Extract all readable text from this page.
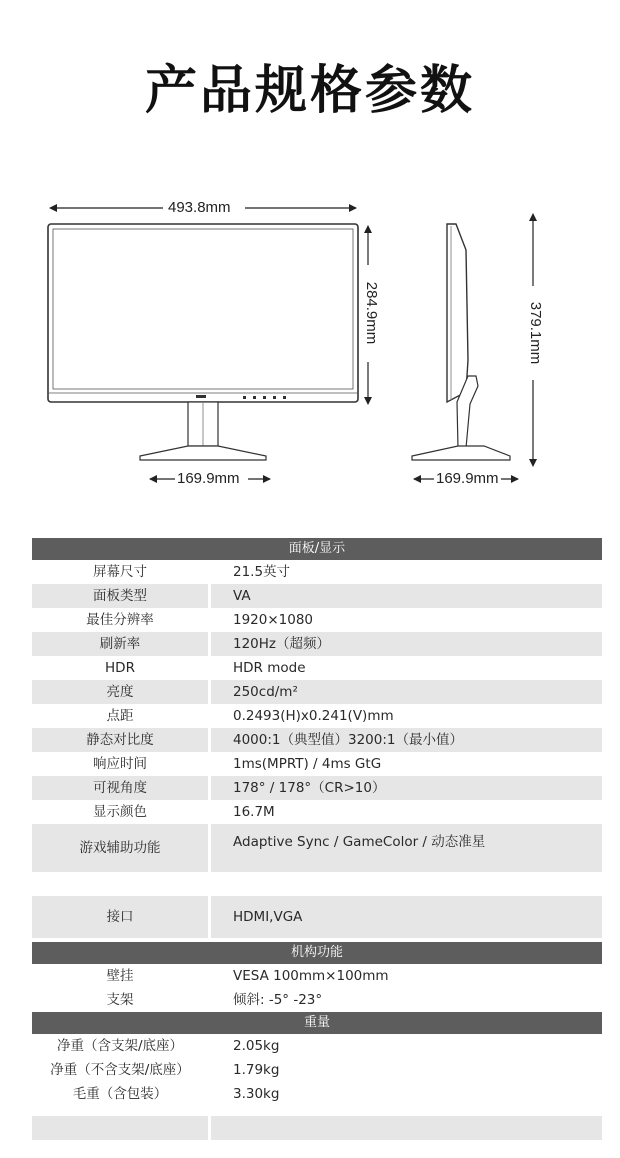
产品规格参数
493.8mm
284.9mm
169.9mm
379.1mm
169.9mm
面板/显示
屏幕尺寸	21.5英寸
面板类型	VA
最佳分辨率	1920×1080
刷新率	120Hz（超频）
HDR	HDR mode
亮度	250cd/m²
点距	0.2493(H)x0.241(V)mm
静态对比度	4000:1（典型值）3200:1（最小值）
响应时间	1ms(MPRT) / 4ms GtG
可视角度	178° / 178°（CR>10）
显示颜色	16.7M
游戏辅助功能	Adaptive Sync / GameColor / 动态准星
接口	HDMI,VGA
机构功能
壁挂	VESA 100mm×100mm
支架	倾斜: -5° -23°
重量
净重（含支架/底座）	2.05kg
净重（不含支架/底座）	1.79kg
毛重（含包装）	3.30kg
